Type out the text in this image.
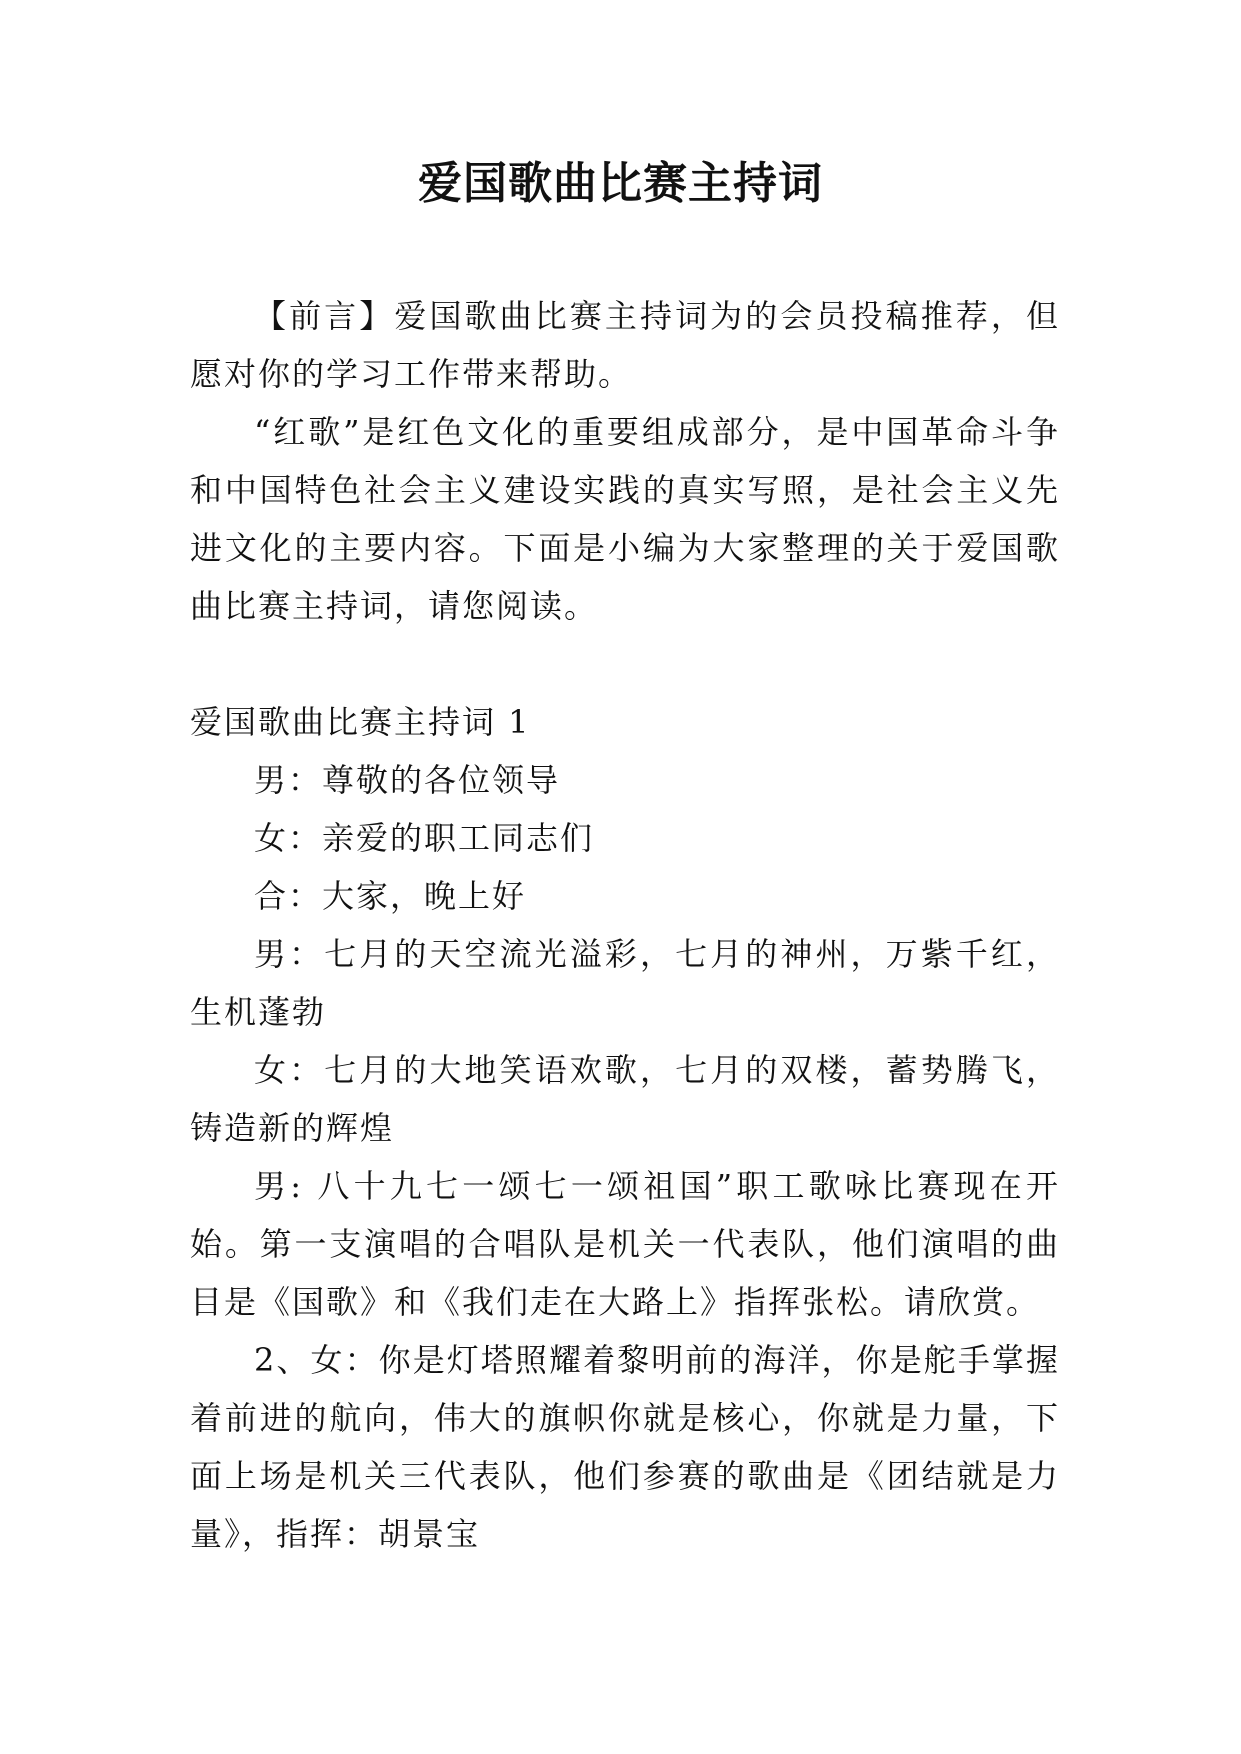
爱国歌曲比赛主持词

【前言】爱国歌曲比赛主持词为的会员投稿推荐，但愿对你的学习工作带来帮助。

“红歌”是红色文化的重要组成部分，是中国革命斗争和中国特色社会主义建设实践的真实写照，是社会主义先进文化的主要内容。下面是小编为大家整理的关于爱国歌曲比赛主持词，请您阅读。

爱国歌曲比赛主持词 1

男：尊敬的各位领导

女：亲爱的职工同志们

合：大家，晚上好

男：七月的天空流光溢彩，七月的神州，万紫千红，生机蓬勃

女：七月的大地笑语欢歌，七月的双楼，蓄势腾飞，铸造新的辉煌

男: 八十九七一颂七一颂祖国”职工歌咏比赛现在开始。第一支演唱的合唱队是机关一代表队，他们演唱的曲目是《国歌》和《我们走在大路上》指挥张松。请欣赏。

2、女：你是灯塔照耀着黎明前的海洋，你是舵手掌握着前进的航向，伟大的旗帜你就是核心，你就是力量，下面上场是机关三代表队，他们参赛的歌曲是《团结就是力量》，指挥：胡景宝
